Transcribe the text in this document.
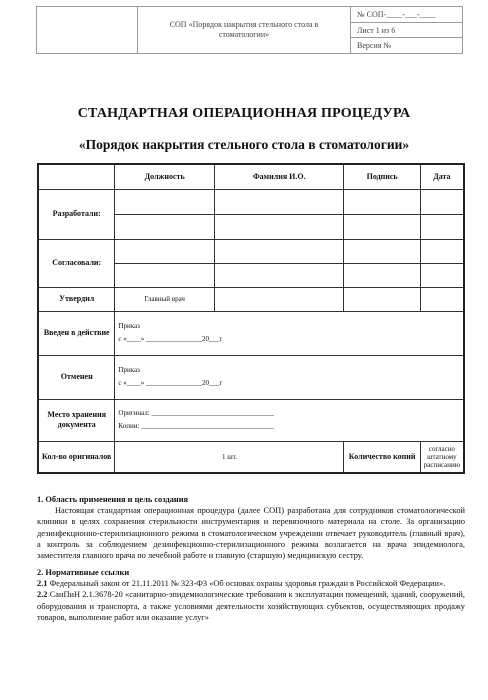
СОП «Порядок накрытия стельного стола в стоматологии»
№ СОП-____-___-____
Лист 1 из 6
Версия №
СТАНДАРТНАЯ ОПЕРАЦИОННАЯ ПРОЦЕДУРА
«Порядок накрытия стельного стола в стоматологии»
	Должность	Фамилия И.О.	Подпись	Дата
Разработали:				

Согласовали:				

Утвердил	Главный врач			
Введен в действие	Приказ
с «____» ________________20___г			

Отменен	Приказ
с «____» ________________20___г			

Место хранения документа	Оригинал: ___________________________________
Копии: ______________________________________			

Кол-во оригиналов	1 шт.		Количество копий	согласно штатному расписанию

1. Область применения и цель создания

Настоящая стандартная операционная процедура (далее СОП) разработана для сотрудников стоматологической клиники в целях сохранения стерильности инструментария и перевязочного материала на столе. За организацию дезинфекционно-стерилизационного режима в стоматологическом учреждении отвечает руководитель (главный врач), а контроль за соблюдением дезинфекционно-стерилизационного режима возлагается на врача эпидемиолога, заместителя главного врача по лечебной работе и главную (старшую) медицинскую сестру.

2. Нормативные ссылки

2.1 Федеральный закон от 21.11.2011 № 323-ФЗ «Об основах охраны здоровья граждан в Российской Федерации».

2.2 СанПиН 2.1.3678-20 «санитарно-эпидемиологические требования к эксплуатации помещений, зданий, сооружений, оборудования и транспорта, а также условиями деятельности хозяйствующих субъектов, осуществляющих продажу товаров, выполнение работ или оказание услуг»
